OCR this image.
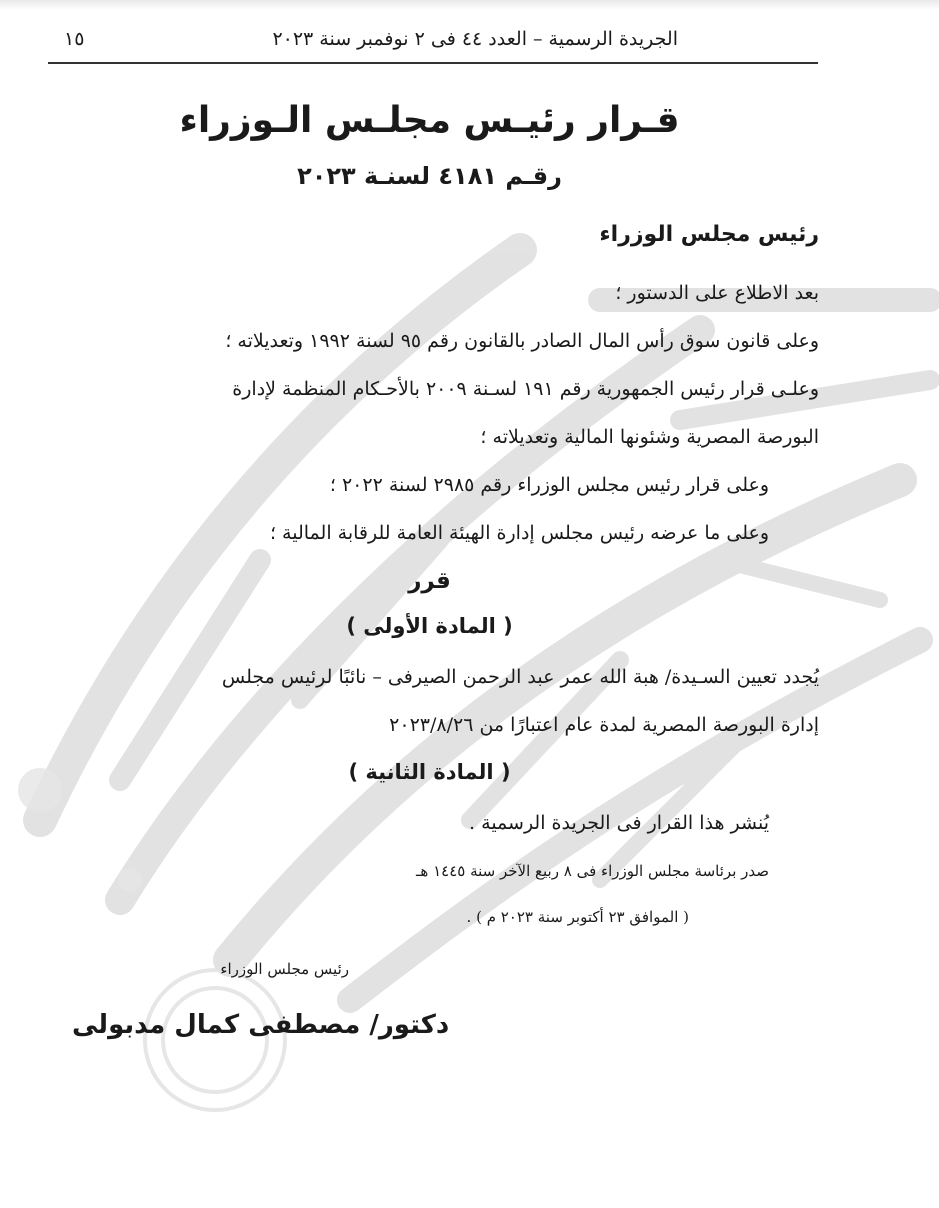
الجريدة الرسمية – العدد ٤٤ فى ٢ نوفمبر سنة ٢٠٢٣
١٥
قـرار رئيـس مجلـس الـوزراء
رقـم ٤١٨١ لسنـة ٢٠٢٣
رئيس مجلس الوزراء
بعد الاطلاع على الدستور ؛
وعلى قانون سوق رأس المال الصادر بالقانون رقم ٩٥ لسنة ١٩٩٢ وتعديلاته ؛
وعلـى قرار رئيس الجمهورية رقم ١٩١ لسـنة ٢٠٠٩ بالأحـكام المنظمة لإدارة
البورصة المصرية وشئونها المالية وتعديلاته ؛
وعلى قرار رئيس مجلس الوزراء رقم ٢٩٨٥ لسنة ٢٠٢٢ ؛
وعلى ما عرضه رئيس مجلس إدارة الهيئة العامة للرقابة المالية ؛
قرر
( المادة الأولى )
يُجدد تعيين السـيدة/ هبة الله عمر عبد الرحمن الصيرفى – نائبًا لرئيس مجلس
إدارة البورصة المصرية لمدة عام اعتبارًا من ٢٠٢٣/٨/٢٦
( المادة الثانية )
يُنشر هذا القرار فى الجريدة الرسمية .
صدر برئاسة مجلس الوزراء فى ٨ ربيع الآخر سنة ١٤٤٥ هـ
( الموافق ٢٣ أكتوبر سنة ٢٠٢٣ م ) .
رئيس مجلس الوزراء
دكتور/ مصطفى كمال مدبولى
